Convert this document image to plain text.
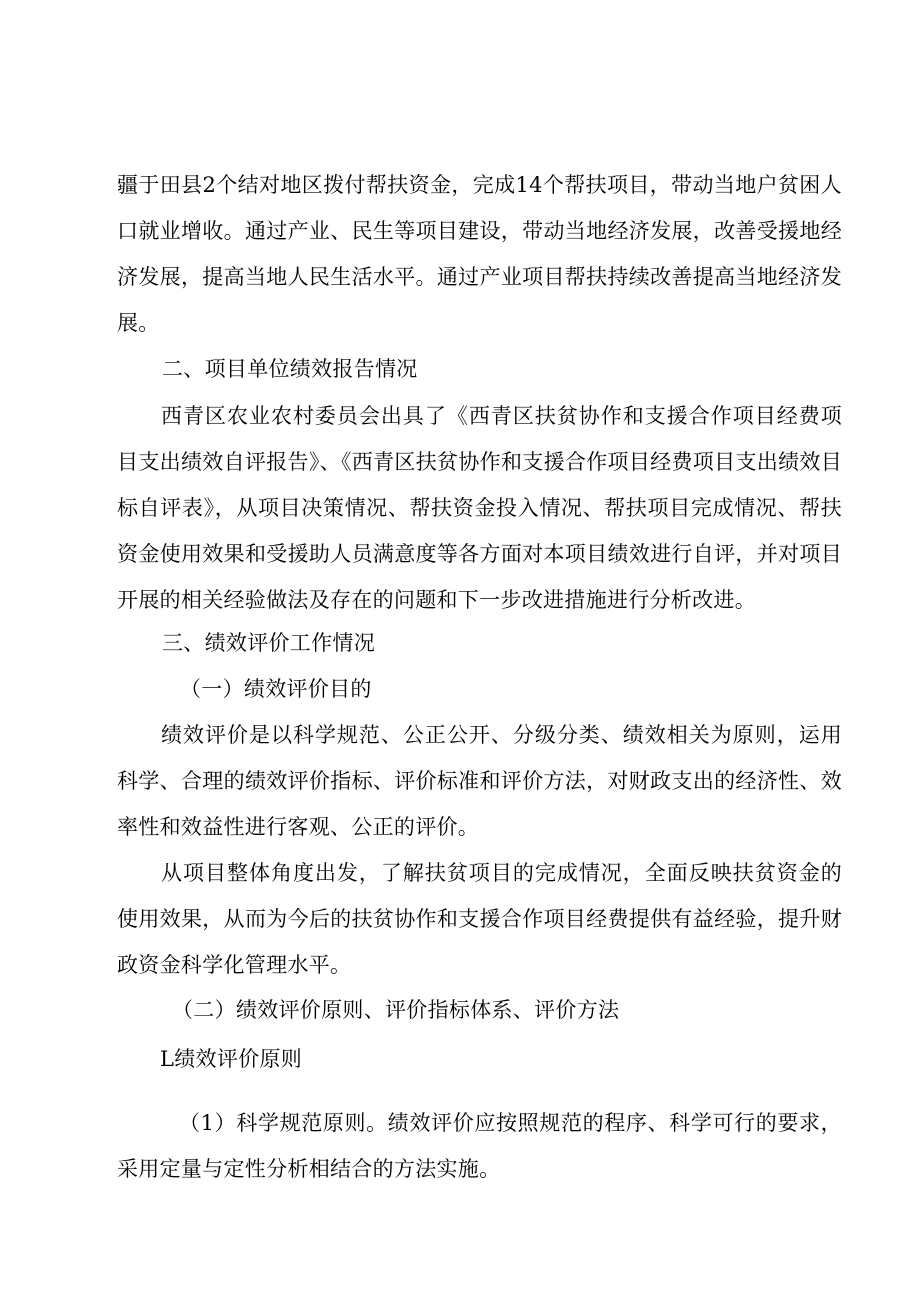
疆于田县2个结对地区拨付帮扶资金，完成14个帮扶项目，带动当地户贫困人口就业增收。通过产业、民生等项目建设，带动当地经济发展，改善受援地经济发展，提高当地人民生活水平。通过产业项目帮扶持续改善提高当地经济发展。

二、项目单位绩效报告情况

西青区农业农村委员会出具了《西青区扶贫协作和支援合作项目经费项目支出绩效自评报告》、《西青区扶贫协作和支援合作项目经费项目支出绩效目标自评表》，从项目决策情况、帮扶资金投入情况、帮扶项目完成情况、帮扶资金使用效果和受援助人员满意度等各方面对本项目绩效进行自评，并对项目开展的相关经验做法及存在的问题和下一步改进措施进行分析改进。

三、绩效评价工作情况

（一）绩效评价目的

绩效评价是以科学规范、公正公开、分级分类、绩效相关为原则，运用科学、合理的绩效评价指标、评价标准和评价方法，对财政支出的经济性、效率性和效益性进行客观、公正的评价。

从项目整体角度出发，了解扶贫项目的完成情况，全面反映扶贫资金的使用效果，从而为今后的扶贫协作和支援合作项目经费提供有益经验，提升财政资金科学化管理水平。

（二）绩效评价原则、评价指标体系、评价方法

L绩效评价原则

（1）科学规范原则。绩效评价应按照规范的程序、科学可行的要求，采用定量与定性分析相结合的方法实施。
